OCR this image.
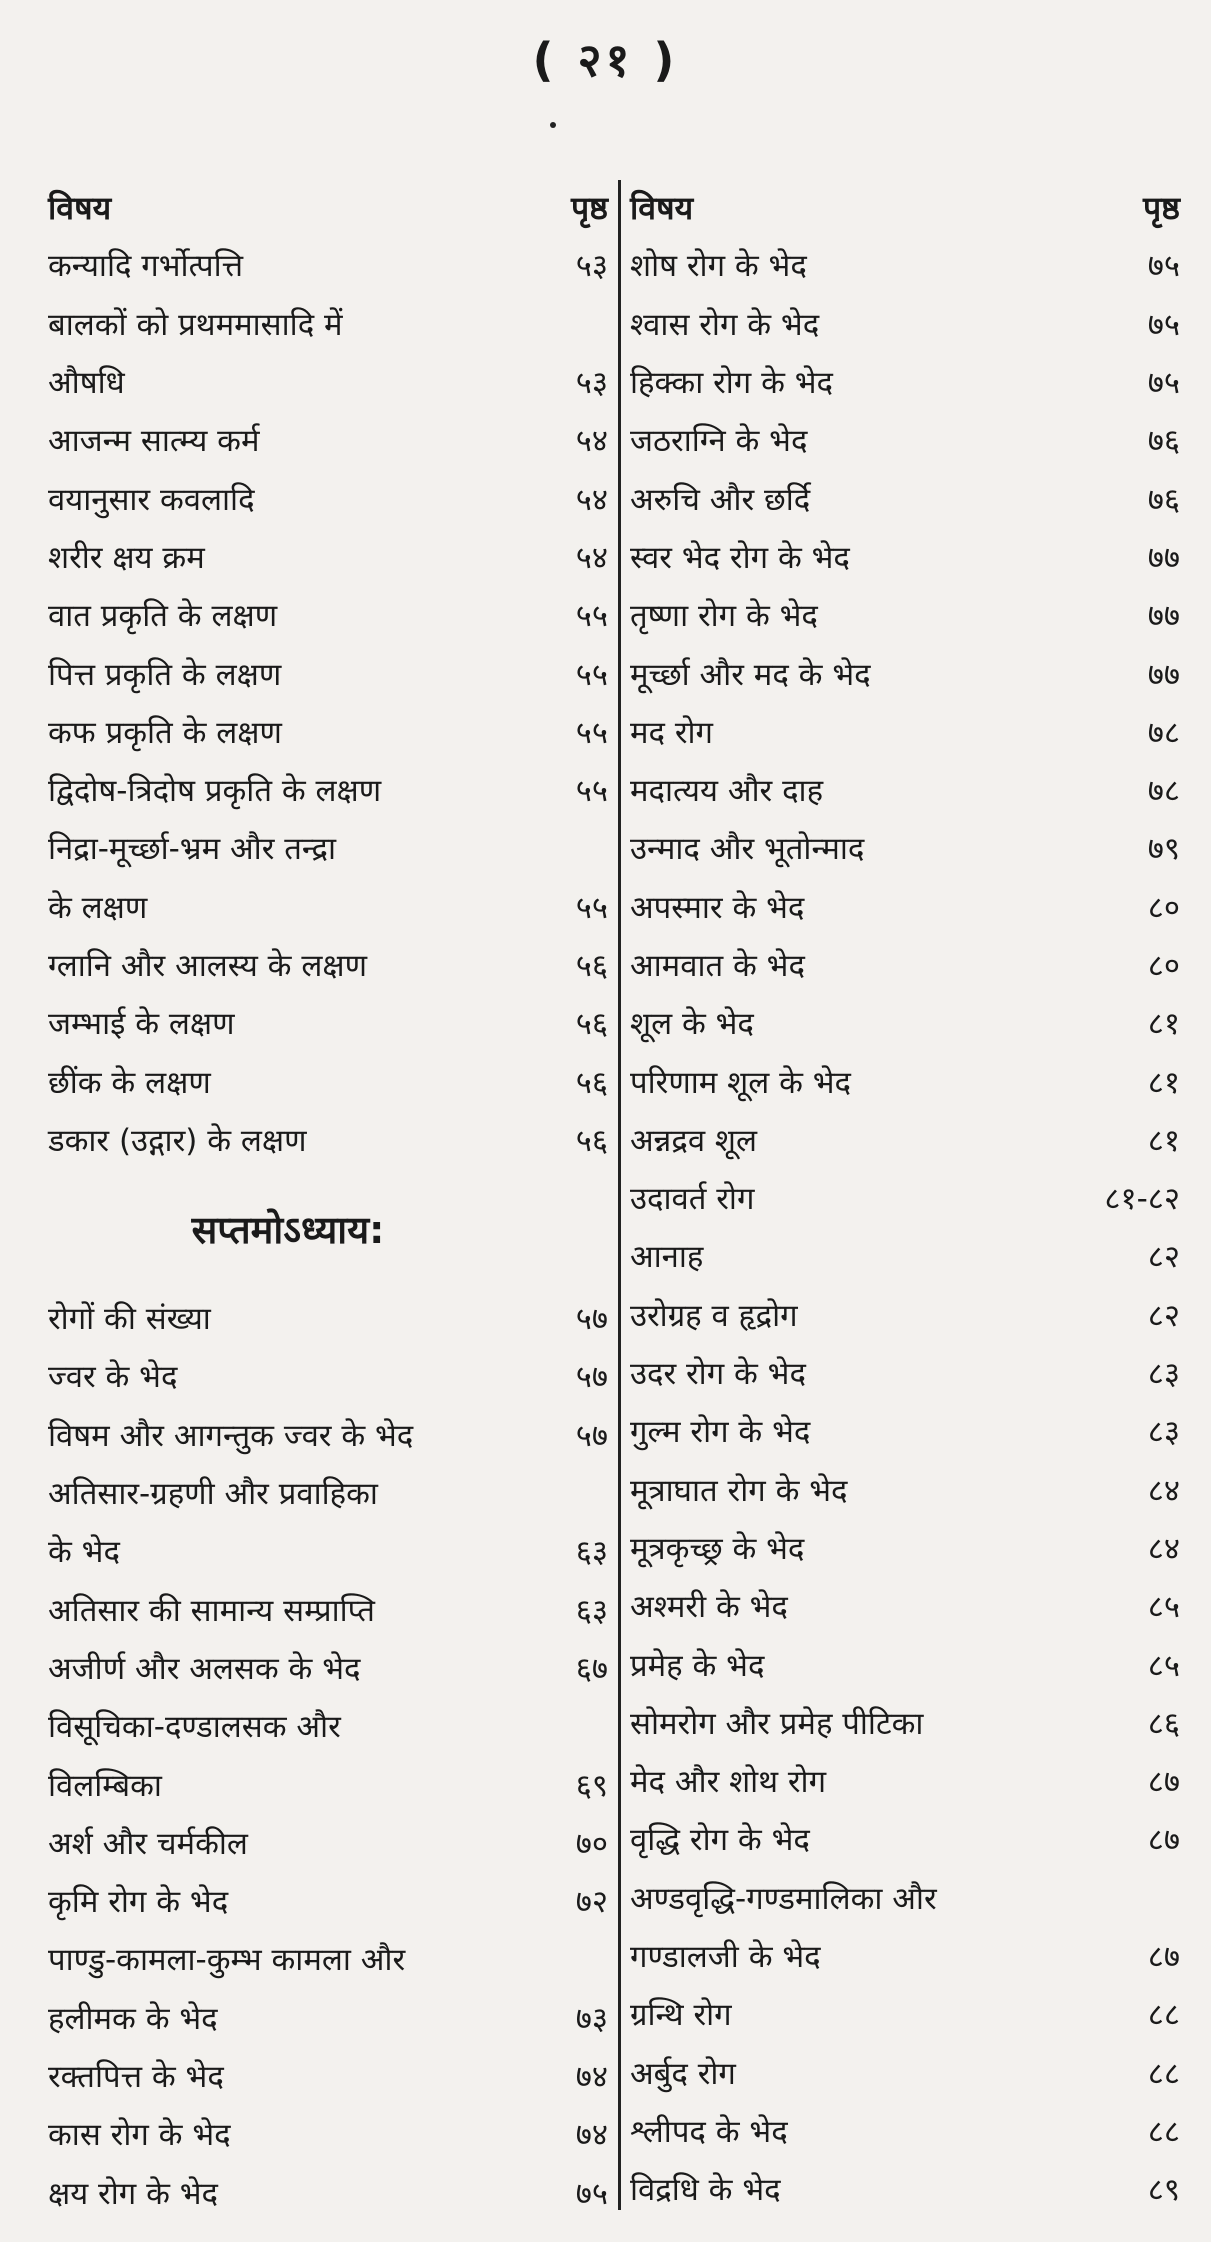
( २१ )
विषय	पृष्ठ
कन्यादि गर्भोत्पत्ति	५३
बालकों को प्रथममासादि में
औषधि	५३
आजन्म सात्म्य कर्म	५४
वयानुसार कवलादि	५४
शरीर क्षय क्रम	५४
वात प्रकृति के लक्षण	५५
पित्त प्रकृति के लक्षण	५५
कफ प्रकृति के लक्षण	५५
द्विदोष-त्रिदोष प्रकृति के लक्षण	५५
निद्रा-मूर्च्छा-भ्रम और तन्द्रा
के लक्षण	५५
ग्लानि और आलस्य के लक्षण	५६
जम्भाई के लक्षण	५६
छींक के लक्षण	५६
डकार (उद्गार) के लक्षण	५६
सप्तमोऽध्याय:
रोगों की संख्या	५७
ज्वर के भेद	५७
विषम और आगन्तुक ज्वर के भेद	५७
अतिसार-ग्रहणी और प्रवाहिका
के भेद	६३
अतिसार की सामान्य सम्प्राप्ति	६३
अजीर्ण और अलसक के भेद	६७
विसूचिका-दण्डालसक और
विलम्बिका	६९
अर्श और चर्मकील	७०
कृमि रोग के भेद	७२
पाण्डु-कामला-कुम्भ कामला और
हलीमक के भेद	७३
रक्तपित्त के भेद	७४
कास रोग के भेद	७४
क्षय रोग के भेद	७५
विषय	पृष्ठ
शोष रोग के भेद	७५
श्वास रोग के भेद	७५
हिक्का रोग के भेद	७५
जठराग्नि के भेद	७६
अरुचि और छर्दि	७६
स्वर भेद रोग के भेद	७७
तृष्णा रोग के भेद	७७
मूर्च्छा और मद के भेद	७७
मद रोग	७८
मदात्यय और दाह	७८
उन्माद और भूतोन्माद	७९
अपस्मार के भेद	८०
आमवात के भेद	८०
शूल के भेद	८१
परिणाम शूल के भेद	८१
अन्नद्रव शूल	८१
उदावर्त रोग	८१-८२
आनाह	८२
उरोग्रह व हृद्रोग	८२
उदर रोग के भेद	८३
गुल्म रोग के भेद	८३
मूत्राघात रोग के भेद	८४
मूत्रकृच्छ्र के भेद	८४
अश्मरी के भेद	८५
प्रमेह के भेद	८५
सोमरोग और प्रमेह पीटिका	८६
मेद और शोथ रोग	८७
वृद्धि रोग के भेद	८७
अण्डवृद्धि-गण्डमालिका और
गण्डालजी के भेद	८७
ग्रन्थि रोग	८८
अर्बुद रोग	८८
श्लीपद के भेद	८८
विद्रधि के भेद	८९
